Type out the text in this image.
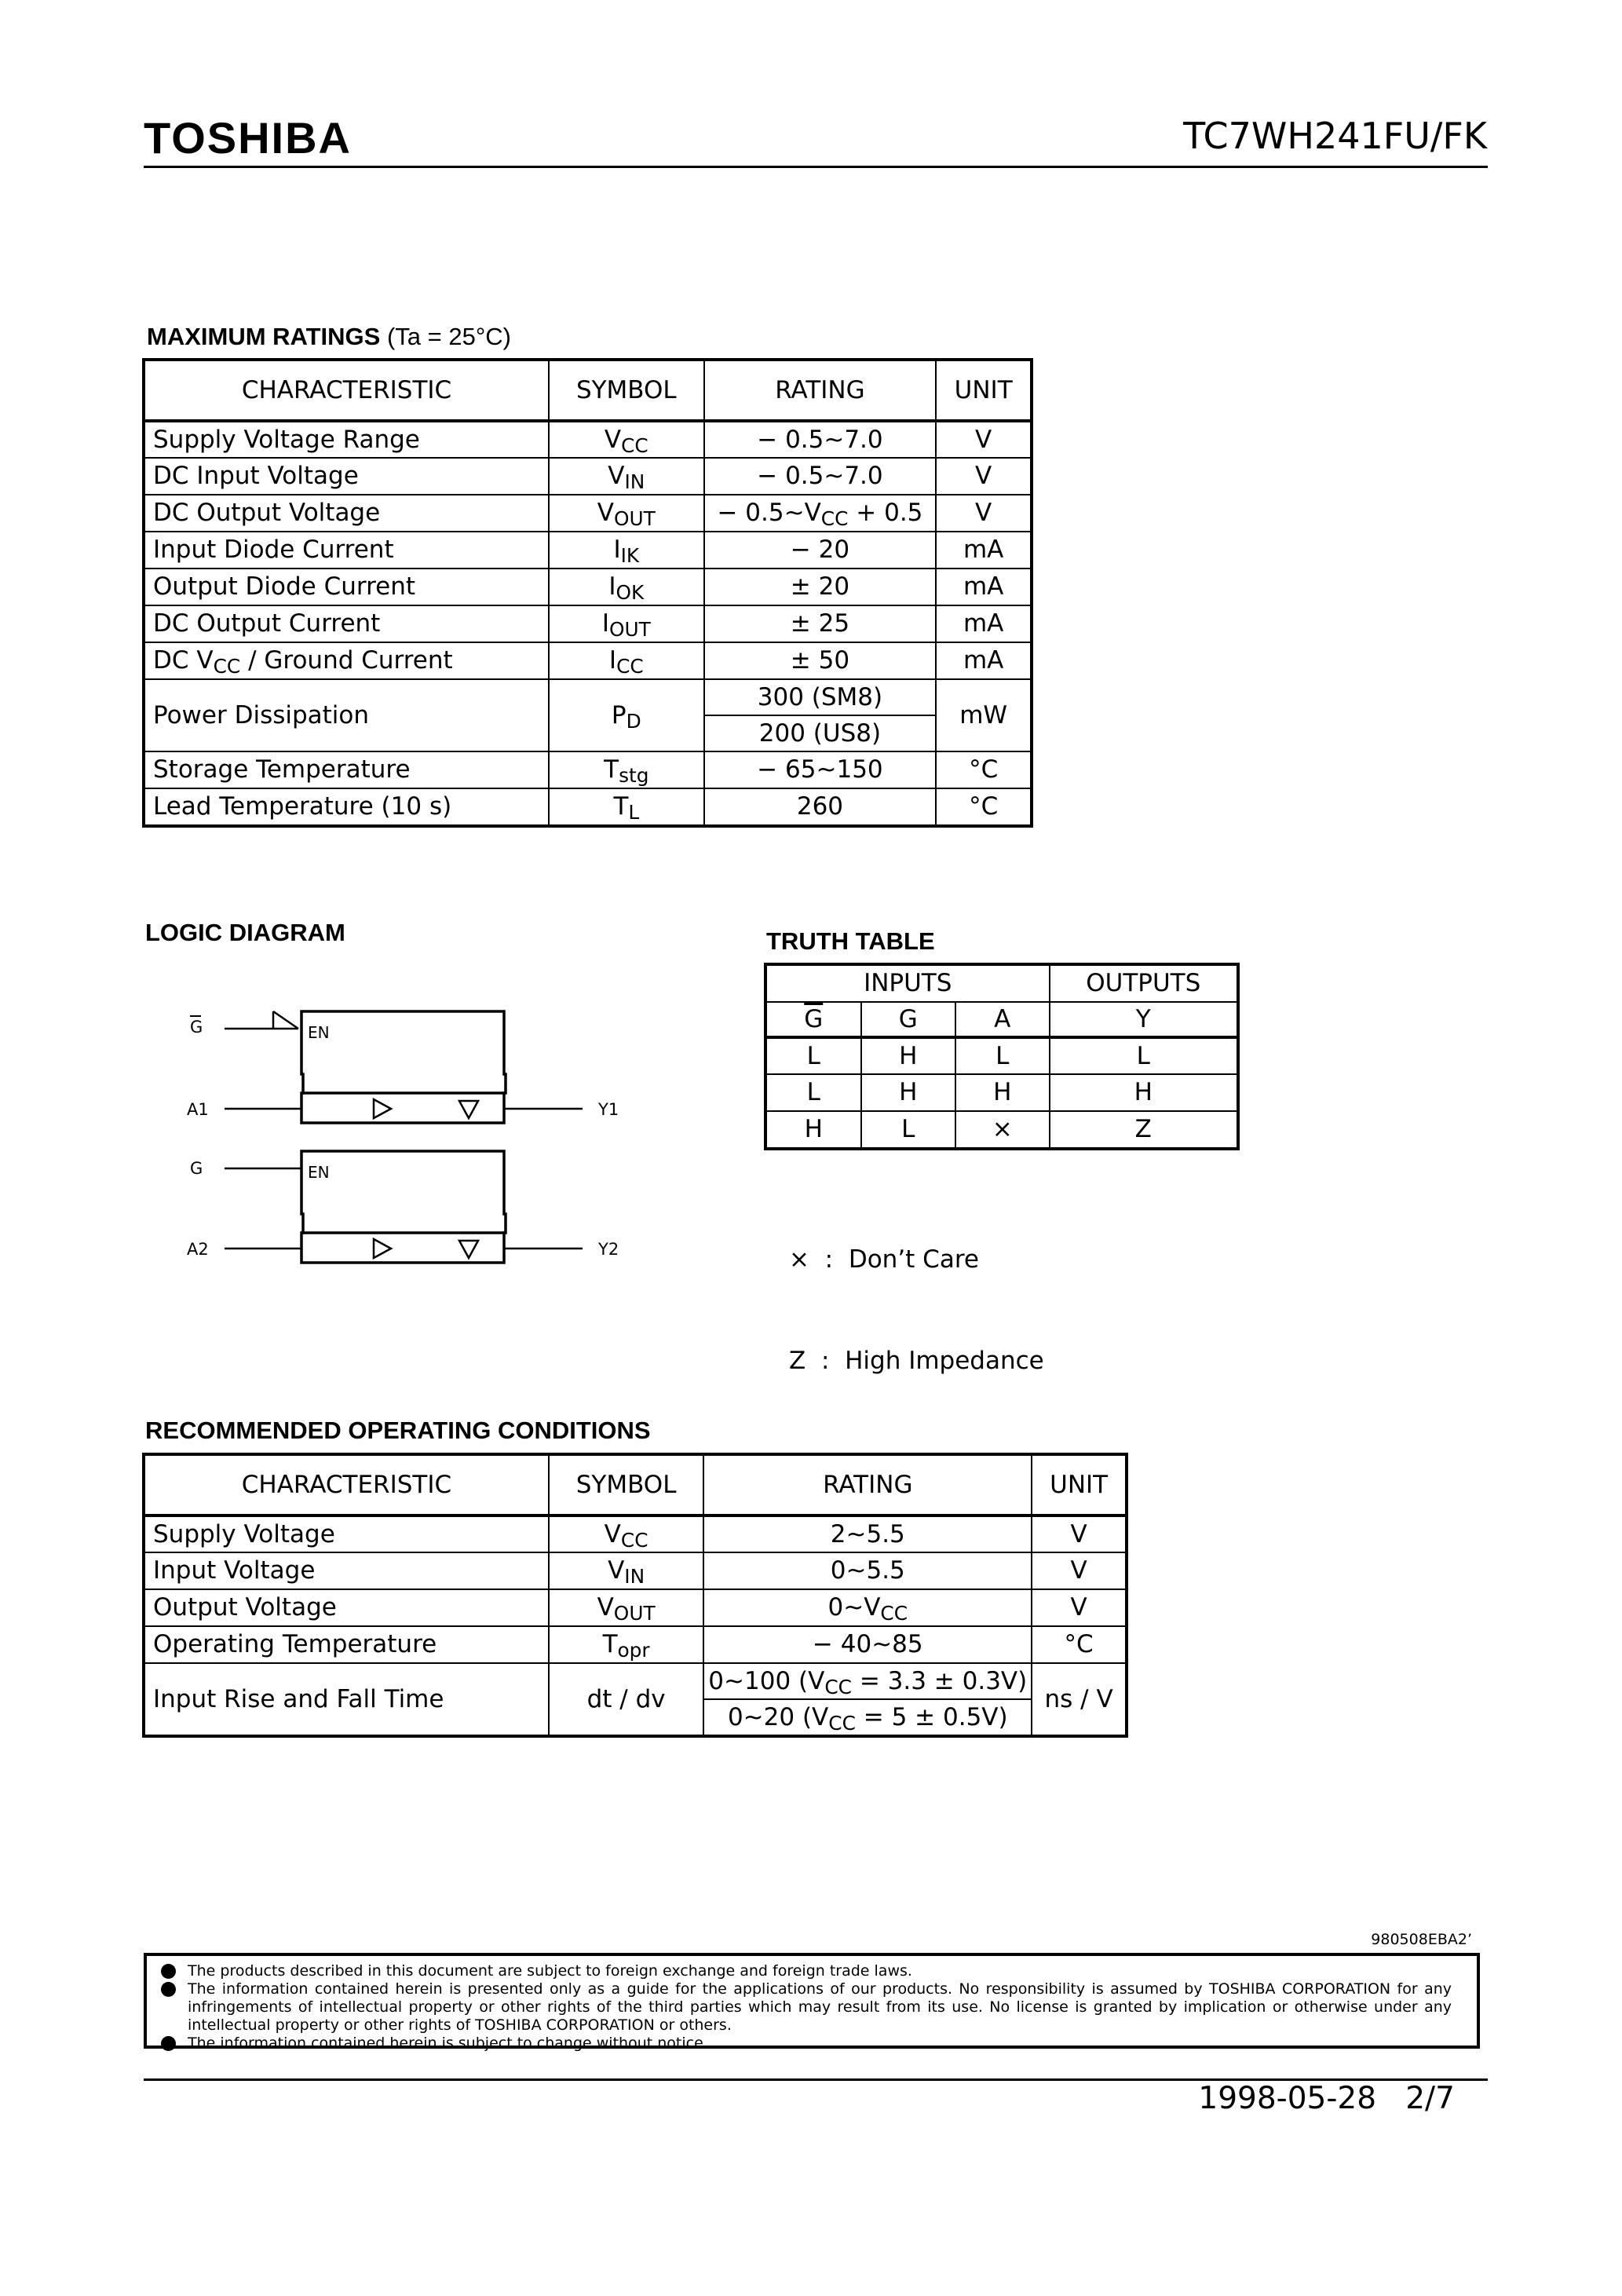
TOSHIBA	TC7WH241FU/FK
MAXIMUM RATINGS (Ta = 25°C)
CHARACTERISTIC	SYMBOL	RATING	UNIT
Supply Voltage Range	$V_{CC}$	− 0.5~7.0	V
DC Input Voltage	$V_{IN}$	− 0.5~7.0	V
DC Output Voltage	$V_{OUT}$	− $0.5\sim V_{CC} + 0.5$	V
Input Diode Current	$I_{IK}$	− 20	mA
Output Diode Current	$I_{OK}$	± 20	mA
DC Output Current	$I_{OUT}$	± 25	mA
DC $V_{CC}$ / Ground Current	$I_{CC}$	± 50	mA
Power Dissipation	$P_D$	300 (SM8)	mW
		200 (US8)	
Storage Temperature	$T_{stg}$	− 65~150	°C
Lead Temperature (10 s)	$T_L$	260	°C
LOGIC DIAGRAM
G	EN
A1	Y1
G	EN
A2	Y2
TRUTH TABLE
INPUTS			OUTPUTS
$\overline{G}$	G	A	Y
L	H	L	L
L	H	H	H
H	L	×	Z

×  :  Don’t Care

Z  :  High Impedance

RECOMMENDED OPERATING CONDITIONS
CHARACTERISTIC	SYMBOL	RATING	UNIT
Supply Voltage	$V_{CC}$	2~5.5	V
Input Voltage	$V_{IN}$	0~5.5	V
Output Voltage	$V_{OUT}$	$0\sim V_{CC}$	V
Operating Temperature	$T_{opr}$	− 40~85	°C
Input Rise and Fall Time	dt / dv	0~100 $(V_{CC} = 3.3 \pm 0.3V)$	ns / V
		0~20 $(V_{CC} = 5 \pm 0.5V)$	
980508EBA2’
The products described in this document are subject to foreign exchange and foreign trade laws.
The information contained herein is presented only as a guide for the applications of our products. No responsibility is assumed by TOSHIBA CORPORATION for any infringements of intellectual property or other rights of the third parties which may result from its use. No license is granted by implication or otherwise under any intellectual property or other rights of TOSHIBA CORPORATION or others.
The information contained herein is subject to change without notice.
1998-05-28 2/7
